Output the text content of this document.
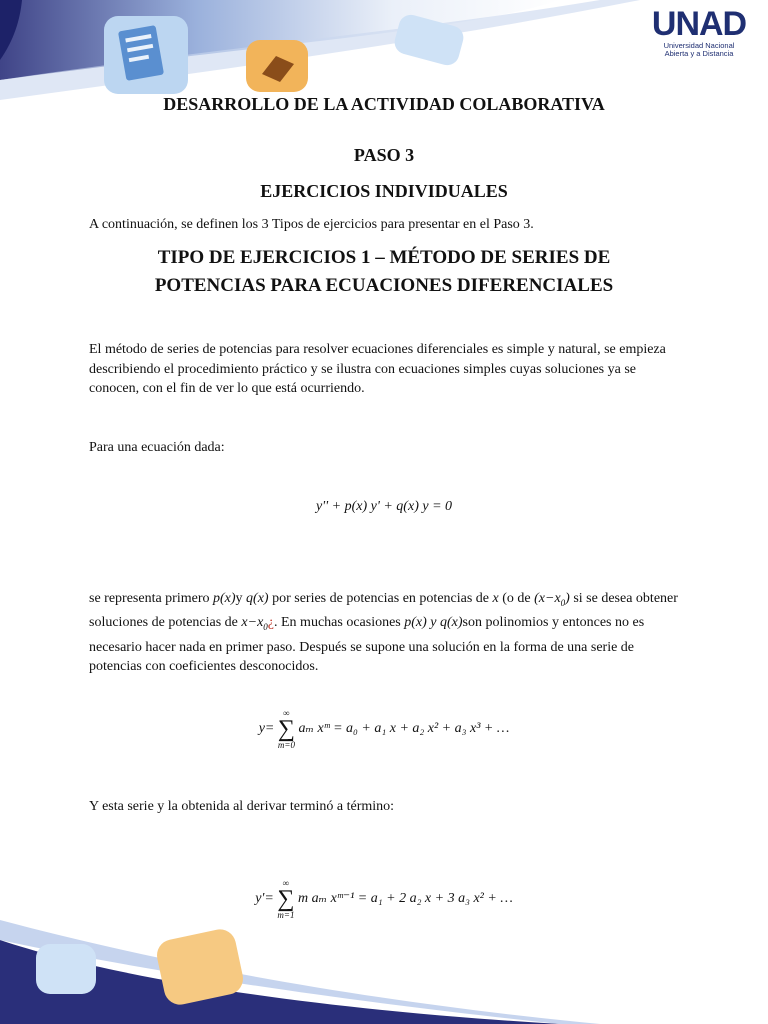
UNAD
Universidad Nacional
Abierta y a Distancia
DESARROLLO DE LA ACTIVIDAD COLABORATIVA
PASO 3
EJERCICIOS INDIVIDUALES

A continuación, se definen los 3 Tipos de ejercicios para presentar en el Paso 3.

TIPO DE EJERCICIOS 1 – MÉTODO DE SERIES DE
POTENCIAS PARA ECUACIONES DIFERENCIALES

El método de series de potencias para resolver ecuaciones diferenciales es simple y natural, se empieza describiendo el procedimiento práctico y se ilustra con ecuaciones simples cuyas soluciones ya se conocen, con el fin de ver lo que está ocurriendo.

Para una ecuación dada:

y'' + p(x) y' + q(x) y = 0

se representa primero p(x)y q(x) por series de potencias en potencias de x (o de $(x-x_0)$ si se desea obtener soluciones de potencias de $x-x_0¿$. En muchas ocasiones p(x) y q(x)son polinomios y entonces no es necesario hacer nada en primer paso. Después se supone una solución en la forma de una serie de potencias con coeficientes desconocidos.

y=
∞
∑
m=0
aₘ xᵐ = a₀ + a₁ x + a₂ x² + a₃ x³ + …

Y esta serie y la obtenida al derivar terminó a término:

y'=
∞
∑
m=1
m aₘ xᵐ⁻¹ = a₁ + 2 a₂ x + 3 a₃ x² + …
